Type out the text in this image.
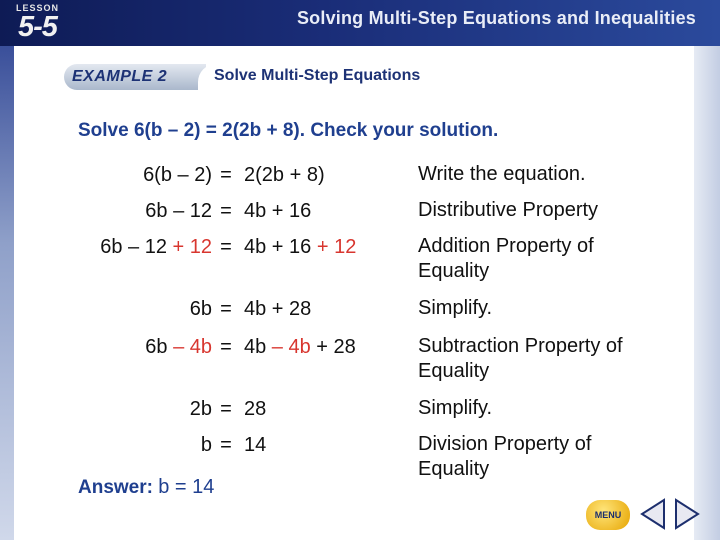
LESSON
5-5	Solving Multi-Step Equations and Inequalities
EXAMPLE 2	Solve Multi-Step Equations
Solve 6(b – 2) = 2(2b + 8). Check your solution.
6(b – 2) = 2(2b + 8)	Write the equation.
6b – 12 = 4b + 16	Distributive Property
6b – 12 + 12 = 4b + 16 + 12	Addition Property of Equality
6b = 4b + 28	Simplify.
6b – 4b = 4b – 4b + 28	Subtraction Property of Equality
2b = 28	Simplify.
b = 14	Division Property of Equality
Answer: b = 14
MENU
